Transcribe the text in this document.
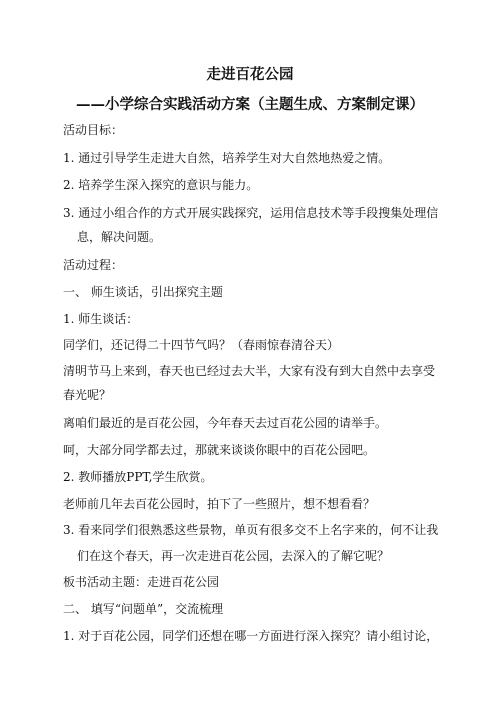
走进百花公园
——小学综合实践活动方案（主题生成、方案制定课）
活动目标：
1. 通过引导学生走进大自然，培养学生对大自然地热爱之情。
2. 培养学生深入探究的意识与能力。
3. 通过小组合作的方式开展实践探究，运用信息技术等手段搜集处理信
息，解决问题。
活动过程：
一、 师生谈话，引出探究主题
1. 师生谈话：
同学们，还记得二十四节气吗？（春雨惊春清谷天）
清明节马上来到，春天也已经过去大半，大家有没有到大自然中去享受
春光呢？
离咱们最近的是百花公园，今年春天去过百花公园的请举手。
呵，大部分同学都去过，那就来谈谈你眼中的百花公园吧。
2. 教师播放PPT,学生欣赏。
老师前几年去百花公园时，拍下了一些照片，想不想看看？
3. 看来同学们很熟悉这些景物，单页有很多交不上名字来的，何不让我
们在这个春天，再一次走进百花公园，去深入的了解它呢？
板书活动主题：走进百花公园
二、 填写“问题单”，交流梳理
1. 对于百花公园，同学们还想在哪一方面进行深入探究？请小组讨论，
